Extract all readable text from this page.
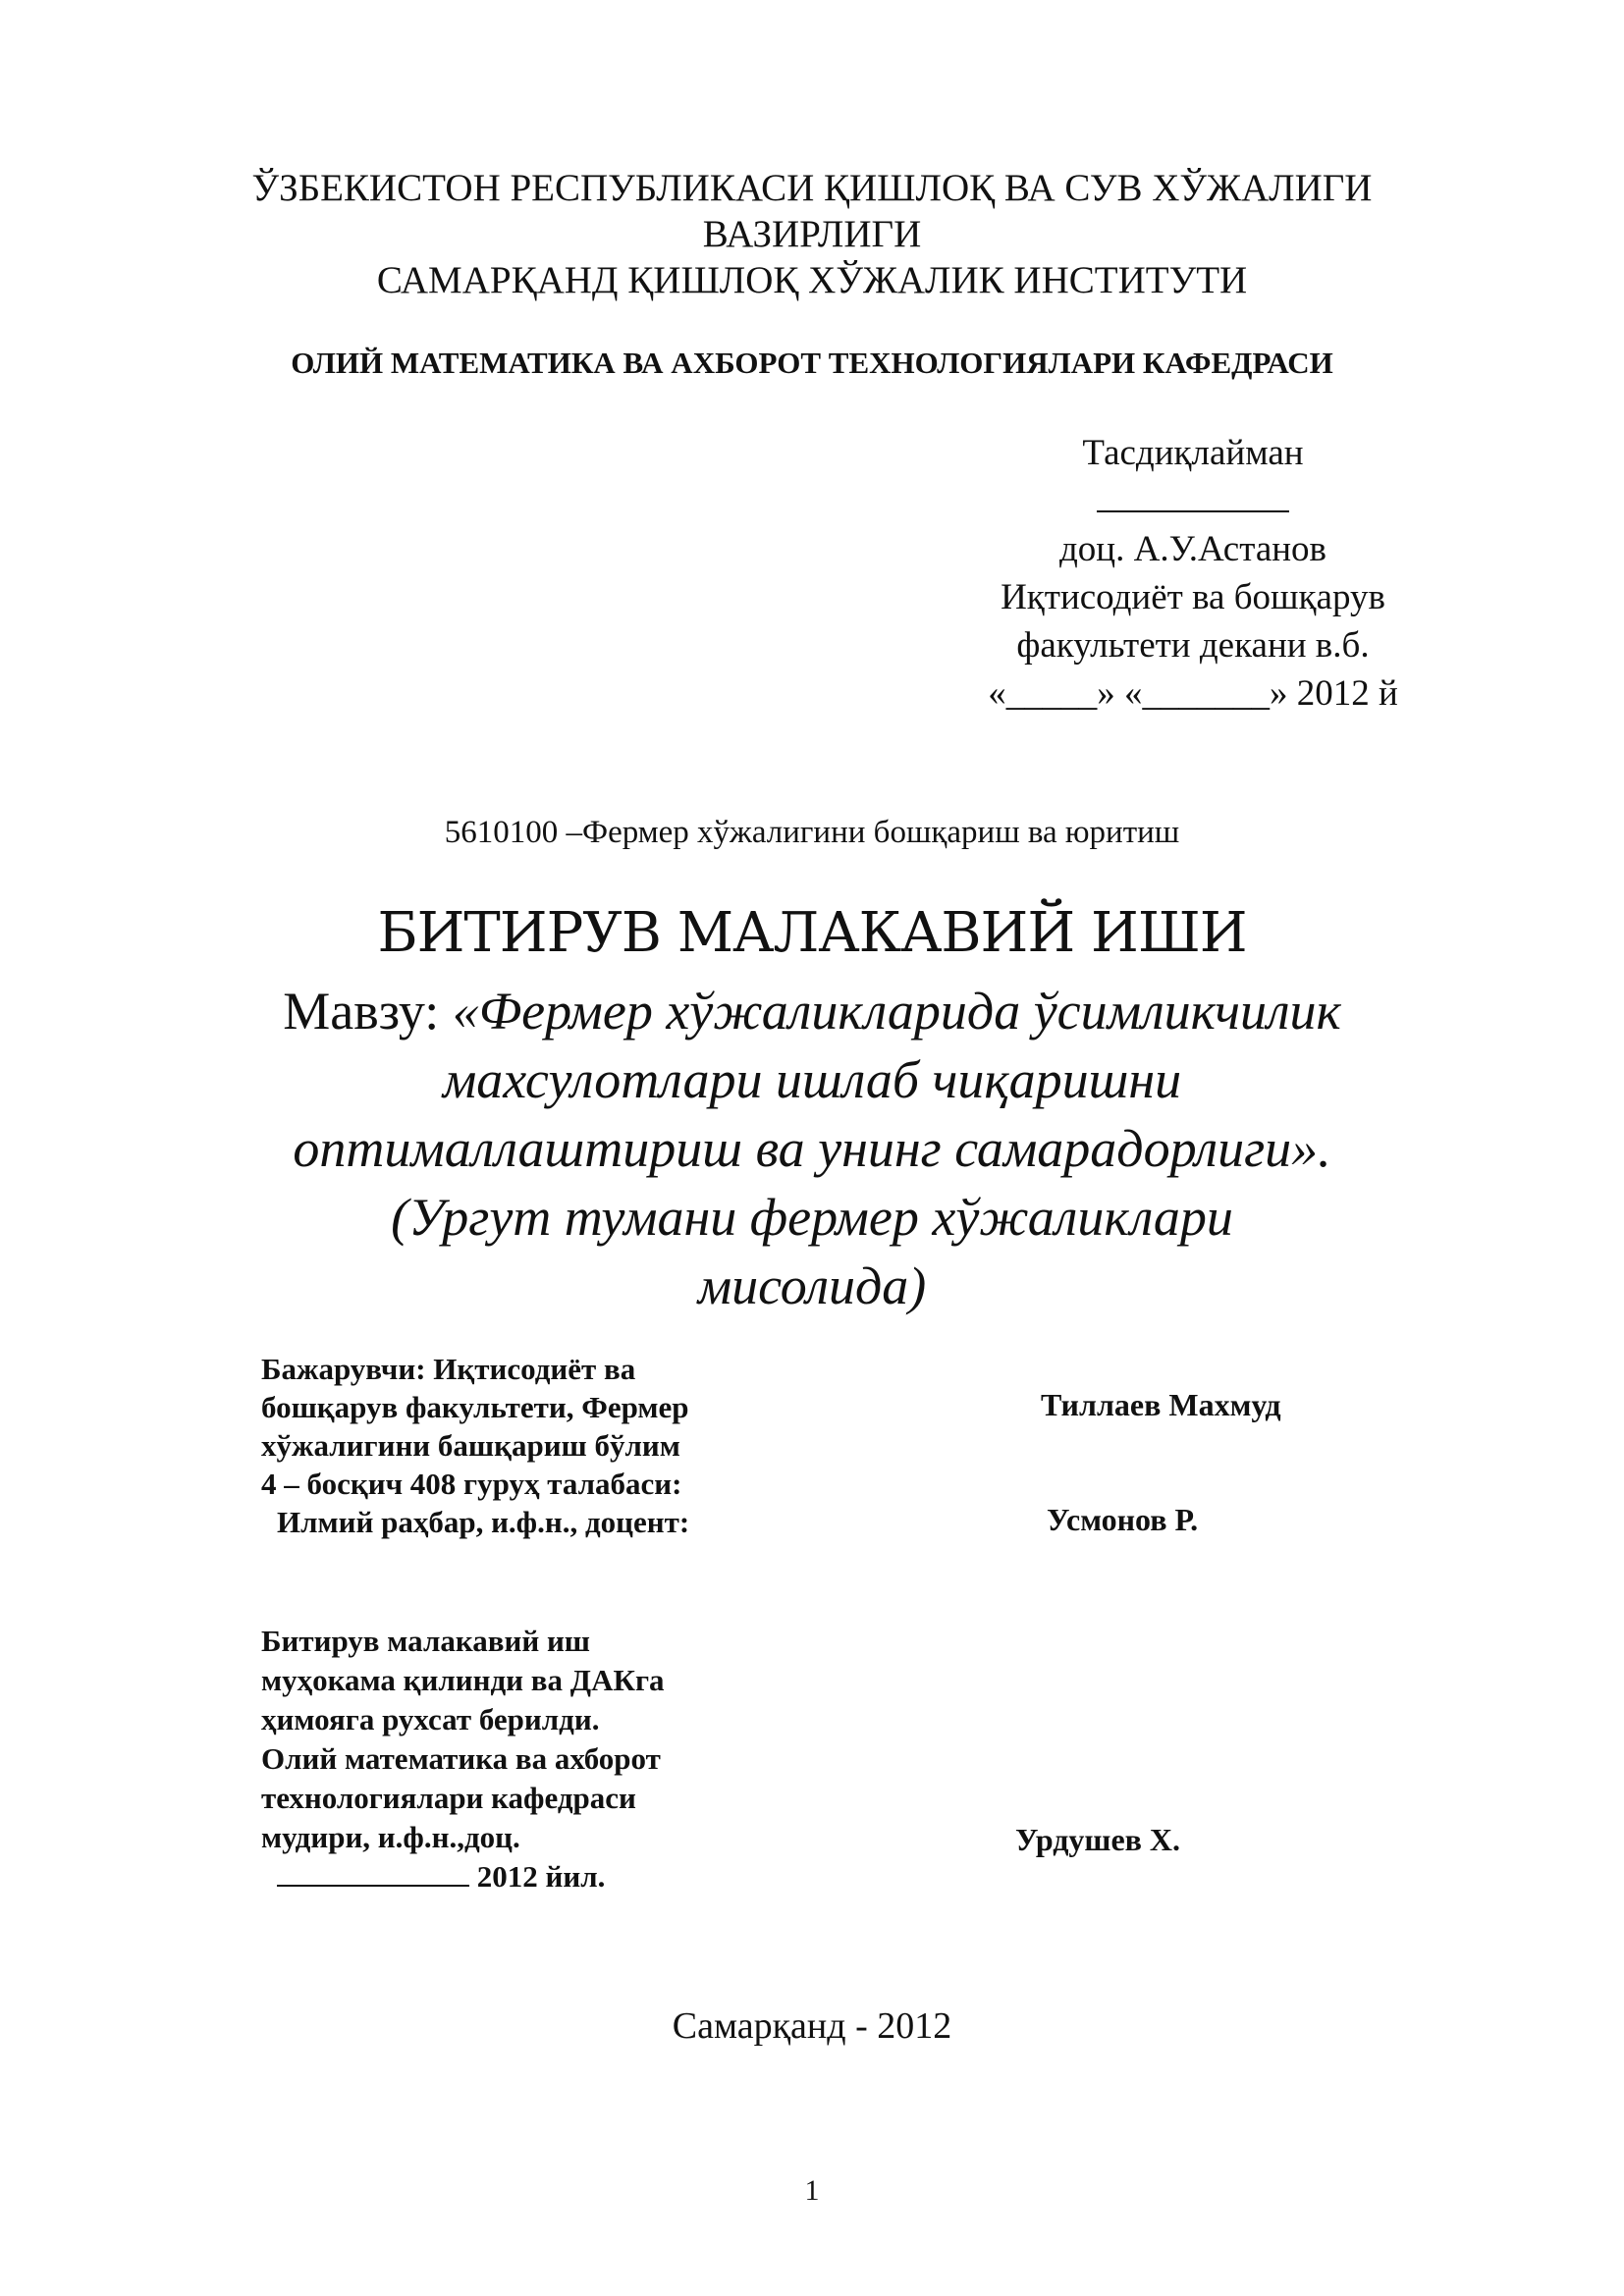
ЎЗБЕКИСТОН РЕСПУБЛИКАСИ ҚИШЛОҚ ВА СУВ ХЎЖАЛИГИ
ВАЗИРЛИГИ
САМАРҚАНД ҚИШЛОҚ ХЎЖАЛИК ИНСТИТУТИ
ОЛИЙ МАТЕМАТИКА ВА АХБОРОТ ТЕХНОЛОГИЯЛАРИ КАФЕДРАСИ
Тасдиқлайман
доц. А.У.Астанов
Иқтисодиёт ва бошқарув
факультети декани в.б.
«_____» «_______» 2012 й
5610100 –Фермер хўжалигини бошқариш ва юритиш
БИТИРУВ МАЛАКАВИЙ ИШИ
Мавзу: «Фермер хўжаликларида ўсимликчилик
махсулотлари ишлаб чиқаришни
оптималлаштириш ва унинг самарадорлиги».
(Ургут тумани фермер хўжаликлари
мисолида)
Бажарувчи: Иқтисодиёт ва
бошқарув факультети, Фермер
хўжалигини башқариш бўлим
4 – босқич 408 гуруҳ талабаси:
Илмий раҳбар, и.ф.н., доцент:
Тиллаев Махмуд
Усмонов Р.
Битирув малакавий иш
муҳокама қилинди ва ДАКга
ҳимояга рухсат берилди.
Олий математика ва ахборот
технологиялари кафедраси
мудири, и.ф.н.,доц.
2012 йил.
Урдушев Х.
Самарқанд - 2012
1
